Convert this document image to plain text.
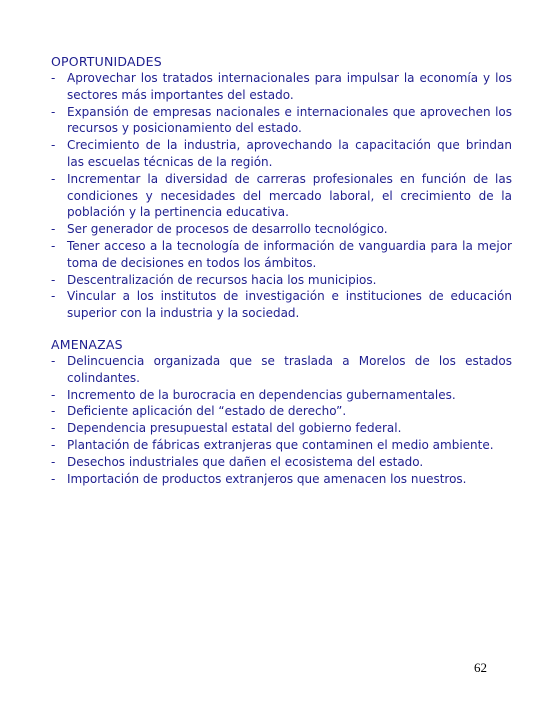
OPORTUNIDADES

- Aprovechar los tratados internacionales para impulsar la economía y los sectores más importantes del estado.
- Expansión de empresas nacionales e internacionales que aprovechen los recursos y posicionamiento del estado.
- Crecimiento de la industria, aprovechando la capacitación que brindan las escuelas técnicas de la región.
- Incrementar la diversidad de carreras profesionales en función de las condiciones y necesidades del mercado laboral, el crecimiento de la población y la pertinencia educativa.
- Ser generador de procesos de desarrollo tecnológico.
- Tener acceso a la tecnología de información de vanguardia para la mejor toma de decisiones en todos los ámbitos.
- Descentralización de recursos hacia los municipios.
- Vincular a los institutos de investigación e instituciones de educación superior con la industria y la sociedad.

AMENAZAS

- Delincuencia organizada que se traslada a Morelos de los estados colindantes.
- Incremento de la burocracia en dependencias gubernamentales.
- Deficiente aplicación del “estado de derecho”.
- Dependencia presupuestal estatal del gobierno federal.
- Plantación de fábricas extranjeras que contaminen el medio ambiente.
- Desechos industriales que dañen el ecosistema del estado.
- Importación de productos extranjeros que amenacen los nuestros.
62
